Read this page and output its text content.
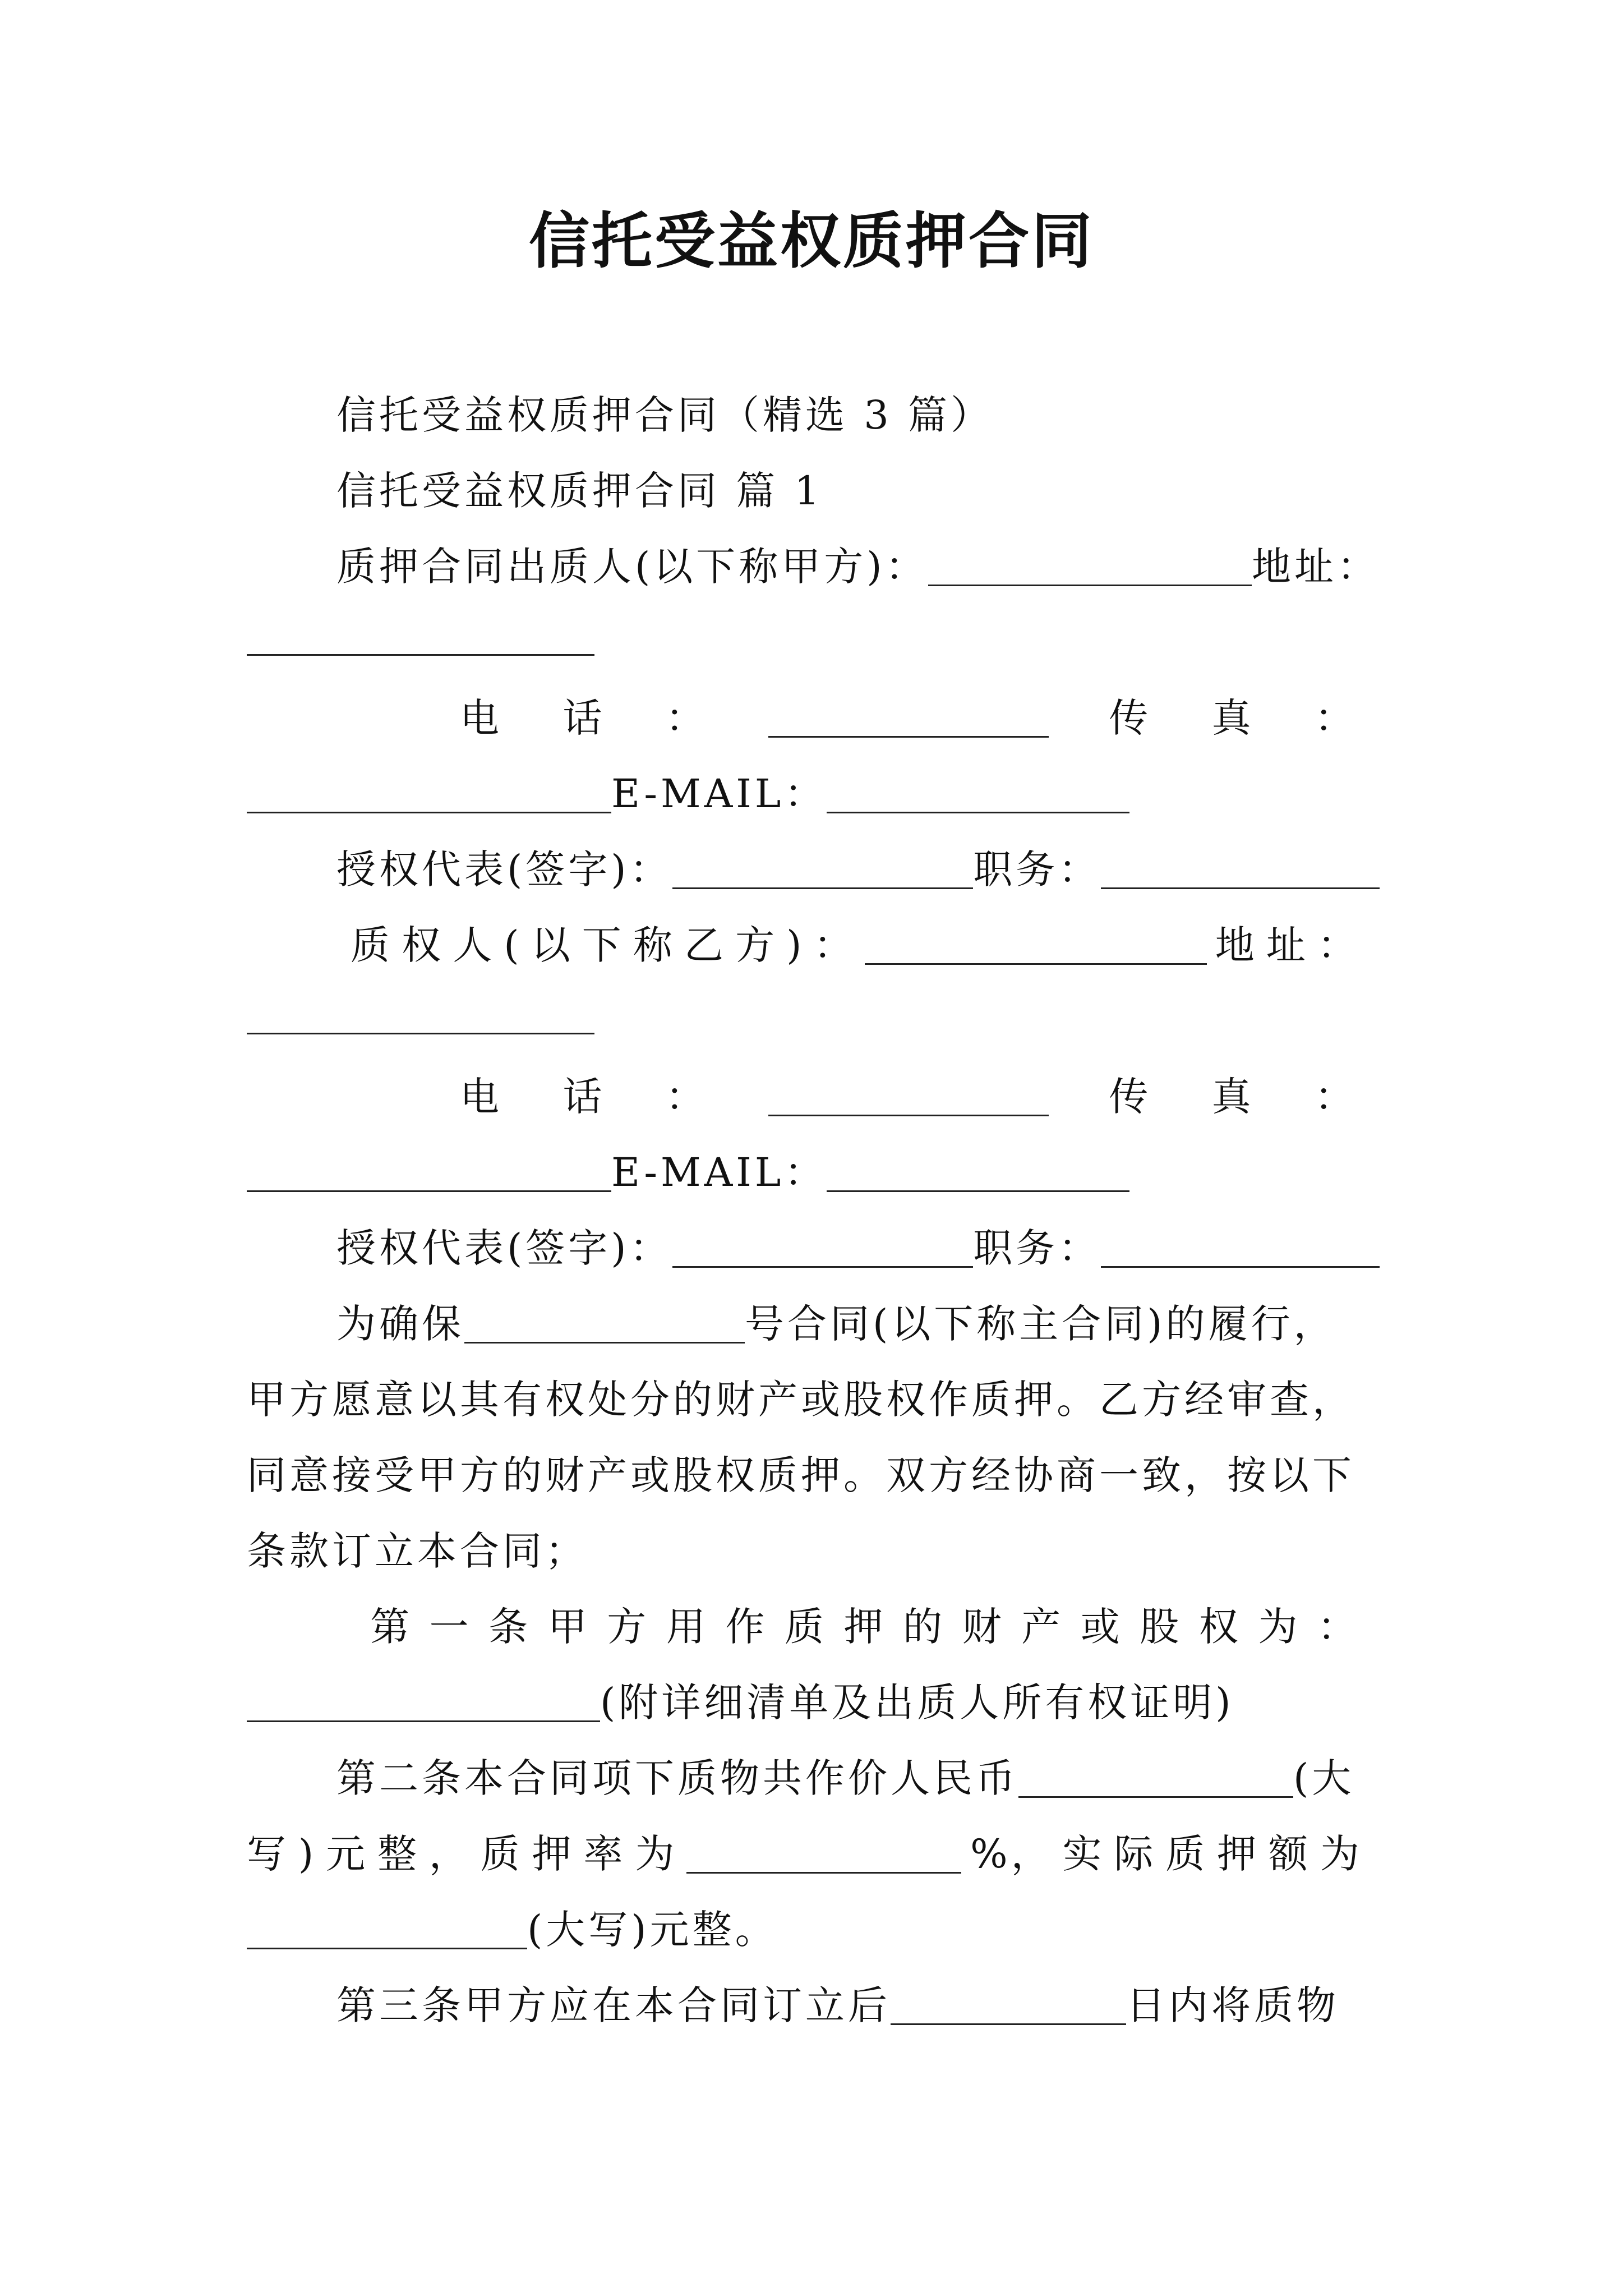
信托受益权质押合同
信托受益权质押合同（精选 3 篇）
信托受益权质押合同 篇 1
质押合同出质人(以下称甲方)：	地址：
电 话 ：	传 真 ：
E-MAIL：
授权代表(签字)：	职务：
质 权 人 ( 以 下 称 乙 方 ) ：	地 址 ：
电 话 ：	传 真 ：
E-MAIL：
授权代表(签字)：	职务：
为确保	号合同(以下称主合同)的履行，
甲方愿意以其有权处分的财产或股权作质押。乙方经审查，
同意接受甲方的财产或股权质押。双方经协商一致，按以下
条款订立本合同；
第 一 条 甲 方 用 作 质 押 的 财 产 或 股 权 为 ：
(附详细清单及出质人所有权证明)
第二条本合同项下质物共作价人民币	(大
写 ) 元 整 ， 质 押 率 为	%， 实 际 质 押 额 为
(大写)元整。
第三条甲方应在本合同订立后	日内将质物
